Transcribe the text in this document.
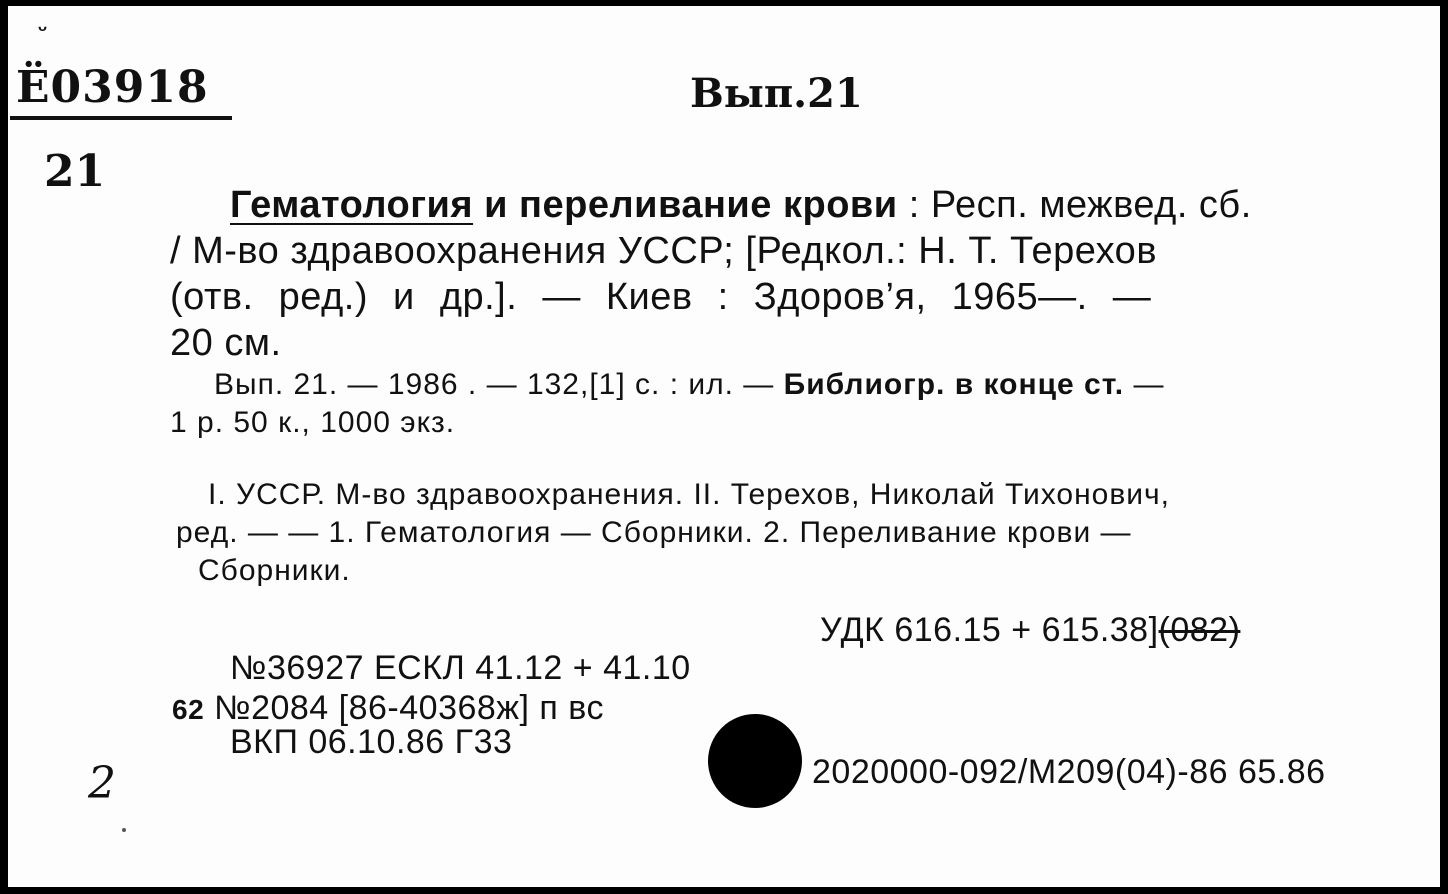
ᵕ
Ё03918	Вып.21
21
Гематология и переливание крови : Респ. межвед. сб.
/ М-во здравоохранения УССР; [Редкол.: Н. Т. Терехов
(отв. ред.) и др.]. — Киев : Здоров’я, 1965—. —
20 см.
Вып. 21. — 1986 . — 132,[1] с. : ил. — Библиогр. в конце ст. —
1 р. 50 к., 1000 экз.
I. УССР. М-во здравоохранения. II. Терехов, Николай Тихонович,
ред. — — 1. Гематология — Сборники. 2. Переливание крови —
Сборники.
УДК 616.15 + 615.38](082)
№36927 ЕСКЛ 41.12 + 41.10
62 №2084 [86-40368ж] п вс
ВКП 06.10.86 Г33
2020000-092/М209(04)-86 65.86
2
